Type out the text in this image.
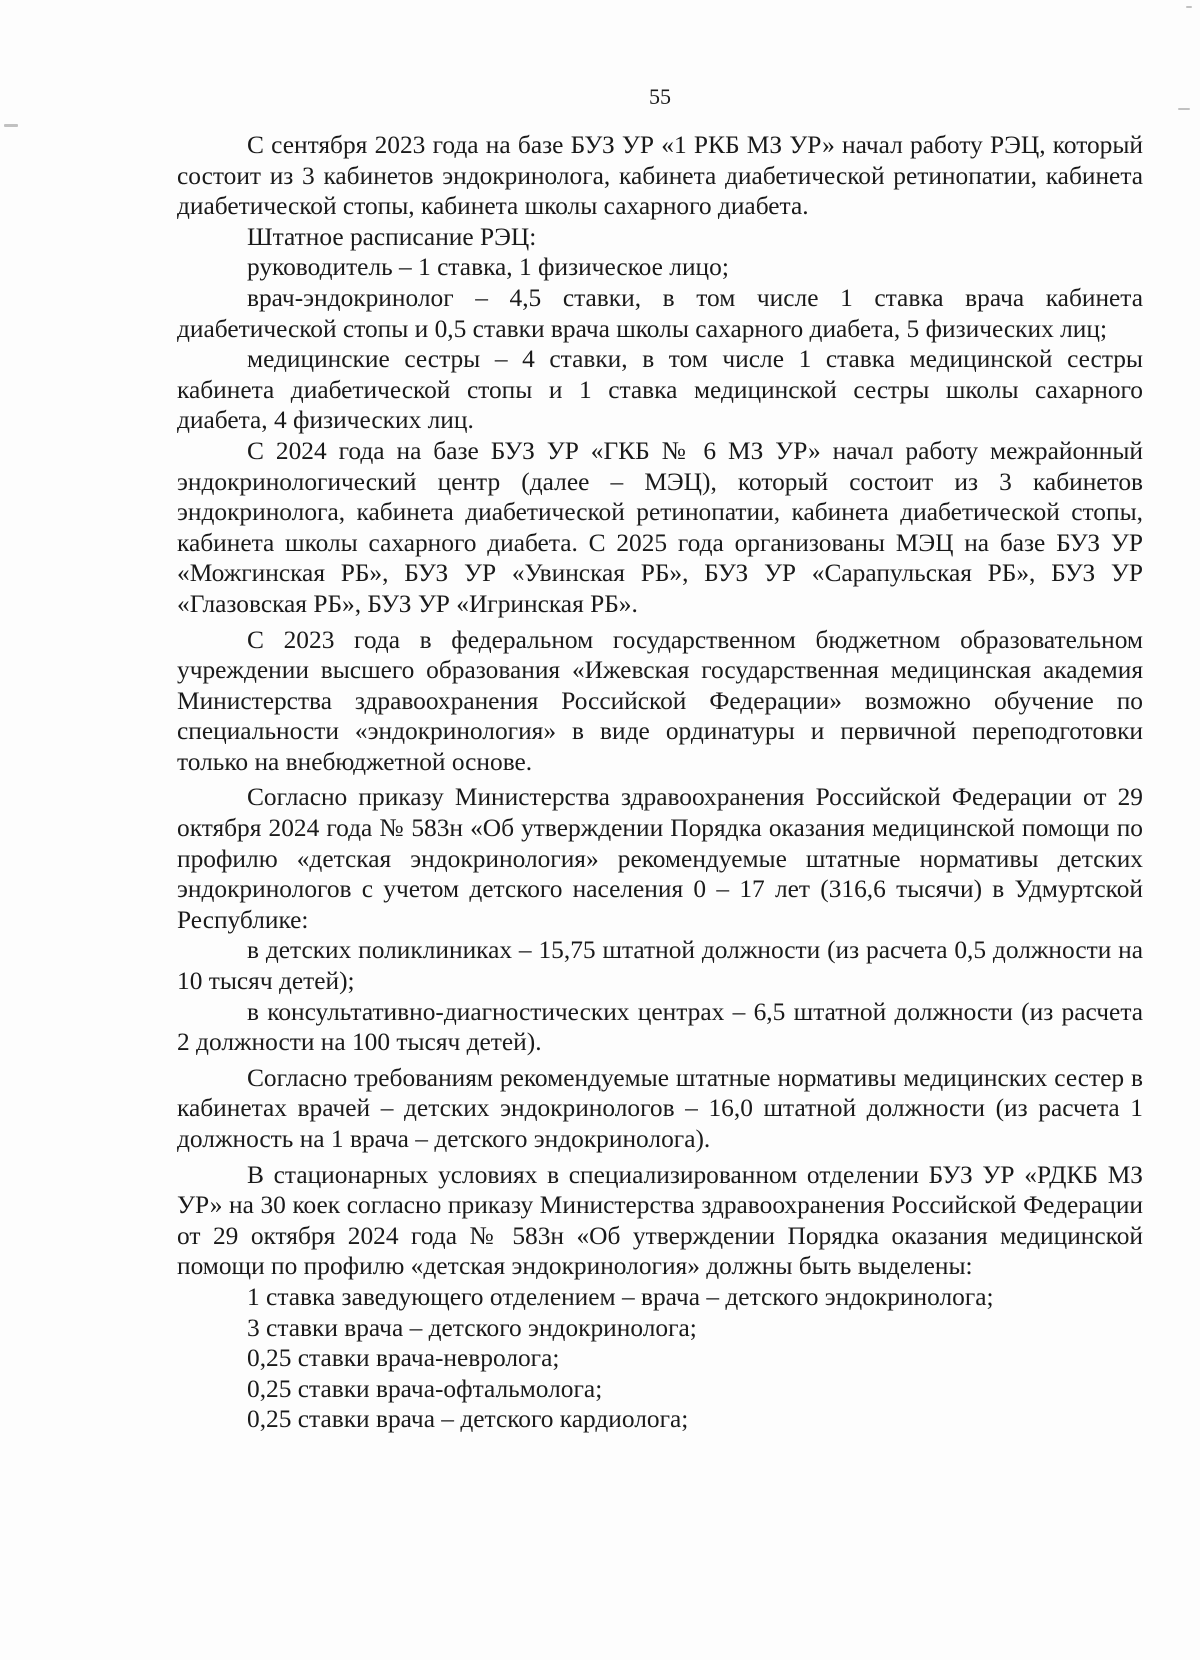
55

С сентября 2023 года на базе БУЗ УР «1 РКБ МЗ УР» начал работу РЭЦ, который состоит из 3 кабинетов эндокринолога, кабинета диабетической ретинопатии, кабинета диабетической стопы, кабинета школы сахарного диабета.

Штатное расписание РЭЦ:

руководитель – 1 ставка, 1 физическое лицо;

врач-эндокринолог – 4,5 ставки, в том числе 1 ставка врача кабинета диабетической стопы и 0,5 ставки врача школы сахарного диабета, 5 физических лиц;

медицинские сестры – 4 ставки, в том числе 1 ставка медицинской сестры кабинета диабетической стопы и 1 ставка медицинской сестры школы сахарного диабета, 4 физических лиц.

С 2024 года на базе БУЗ УР «ГКБ № 6 МЗ УР» начал работу межрайонный эндокринологический центр (далее – МЭЦ), который состоит из 3 кабинетов эндокринолога, кабинета диабетической ретинопатии, кабинета диабетической стопы, кабинета школы сахарного диабета. С 2025 года организованы МЭЦ на базе БУЗ УР «Можгинская РБ», БУЗ УР «Увинская РБ», БУЗ УР «Сарапульская РБ», БУЗ УР «Глазовская РБ», БУЗ УР «Игринская РБ».

С 2023 года в федеральном государственном бюджетном образовательном учреждении высшего образования «Ижевская государственная медицинская академия Министерства здравоохранения Российской Федерации» возможно обучение по специальности «эндокринология» в виде ординатуры и первичной переподготовки только на внебюджетной основе.

Согласно приказу Министерства здравоохранения Российской Федерации от 29 октября 2024 года № 583н «Об утверждении Порядка оказания медицинской помощи по профилю «детская эндокринология» рекомендуемые штатные нормативы детских эндокринологов с учетом детского населения 0 – 17 лет (316,6 тысячи) в Удмуртской Республике:

в детских поликлиниках – 15,75 штатной должности (из расчета 0,5 должности на 10 тысяч детей);

в консультативно-диагностических центрах – 6,5 штатной должности (из расчета 2 должности на 100 тысяч детей).

Согласно требованиям рекомендуемые штатные нормативы медицинских сестер в кабинетах врачей – детских эндокринологов – 16,0 штатной должности (из расчета 1 должность на 1 врача – детского эндокринолога).

В стационарных условиях в специализированном отделении БУЗ УР «РДКБ МЗ УР» на 30 коек согласно приказу Министерства здравоохранения Российской Федерации от 29 октября 2024 года № 583н «Об утверждении Порядка оказания медицинской помощи по профилю «детская эндокринология» должны быть выделены:

1 ставка заведующего отделением – врача – детского эндокринолога;

3 ставки врача – детского эндокринолога;

0,25 ставки врача-невролога;

0,25 ставки врача-офтальмолога;

0,25 ставки врача – детского кардиолога;
